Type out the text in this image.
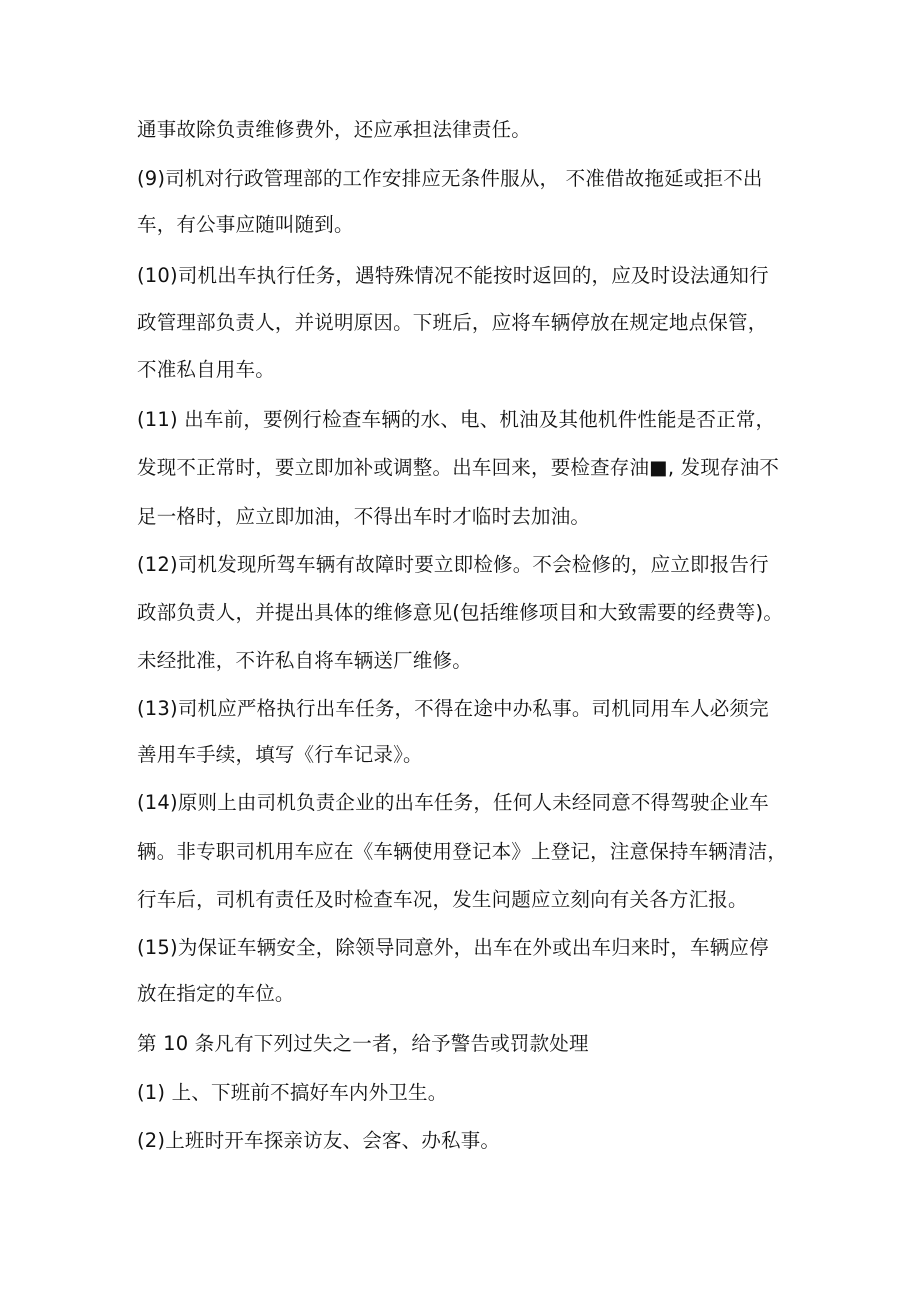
通事故除负责维修费外，还应承担法律责任。
(9)司机对行政管理部的工作安排应无条件服从， 不准借故拖延或拒不出
车，有公事应随叫随到。
(10)司机出车执行任务，遇特殊情况不能按时返回的，应及时设法通知行
政管理部负责人，并说明原因。下班后，应将车辆停放在规定地点保管，
不准私自用车。
(11) 出车前，要例行检查车辆的水、电、机油及其他机件性能是否正常，
发现不正常时，要立即加补或调整。出车回来，要检查存油■, 发现存油不
足一格时，应立即加油，不得出车时才临时去加油。
(12)司机发现所驾车辆有故障时要立即检修。不会检修的，应立即报告行
政部负责人，并提出具体的维修意见(包括维修项目和大致需要的经费等)。
未经批准，不许私自将车辆送厂维修。
(13)司机应严格执行出车任务，不得在途中办私事。司机同用车人必须完
善用车手续，填写《行车记录》。
(14)原则上由司机负责企业的出车任务，任何人未经同意不得驾驶企业车
辆。非专职司机用车应在《车辆使用登记本》上登记，注意保持车辆清洁，
行车后，司机有责任及时检查车况，发生问题应立刻向有关各方汇报。
(15)为保证车辆安全，除领导同意外，出车在外或出车归来时，车辆应停
放在指定的车位。
第 10 条凡有下列过失之一者，给予警告或罚款处理
(1) 上、下班前不搞好车内外卫生。
(2)上班时开车探亲访友、会客、办私事。
